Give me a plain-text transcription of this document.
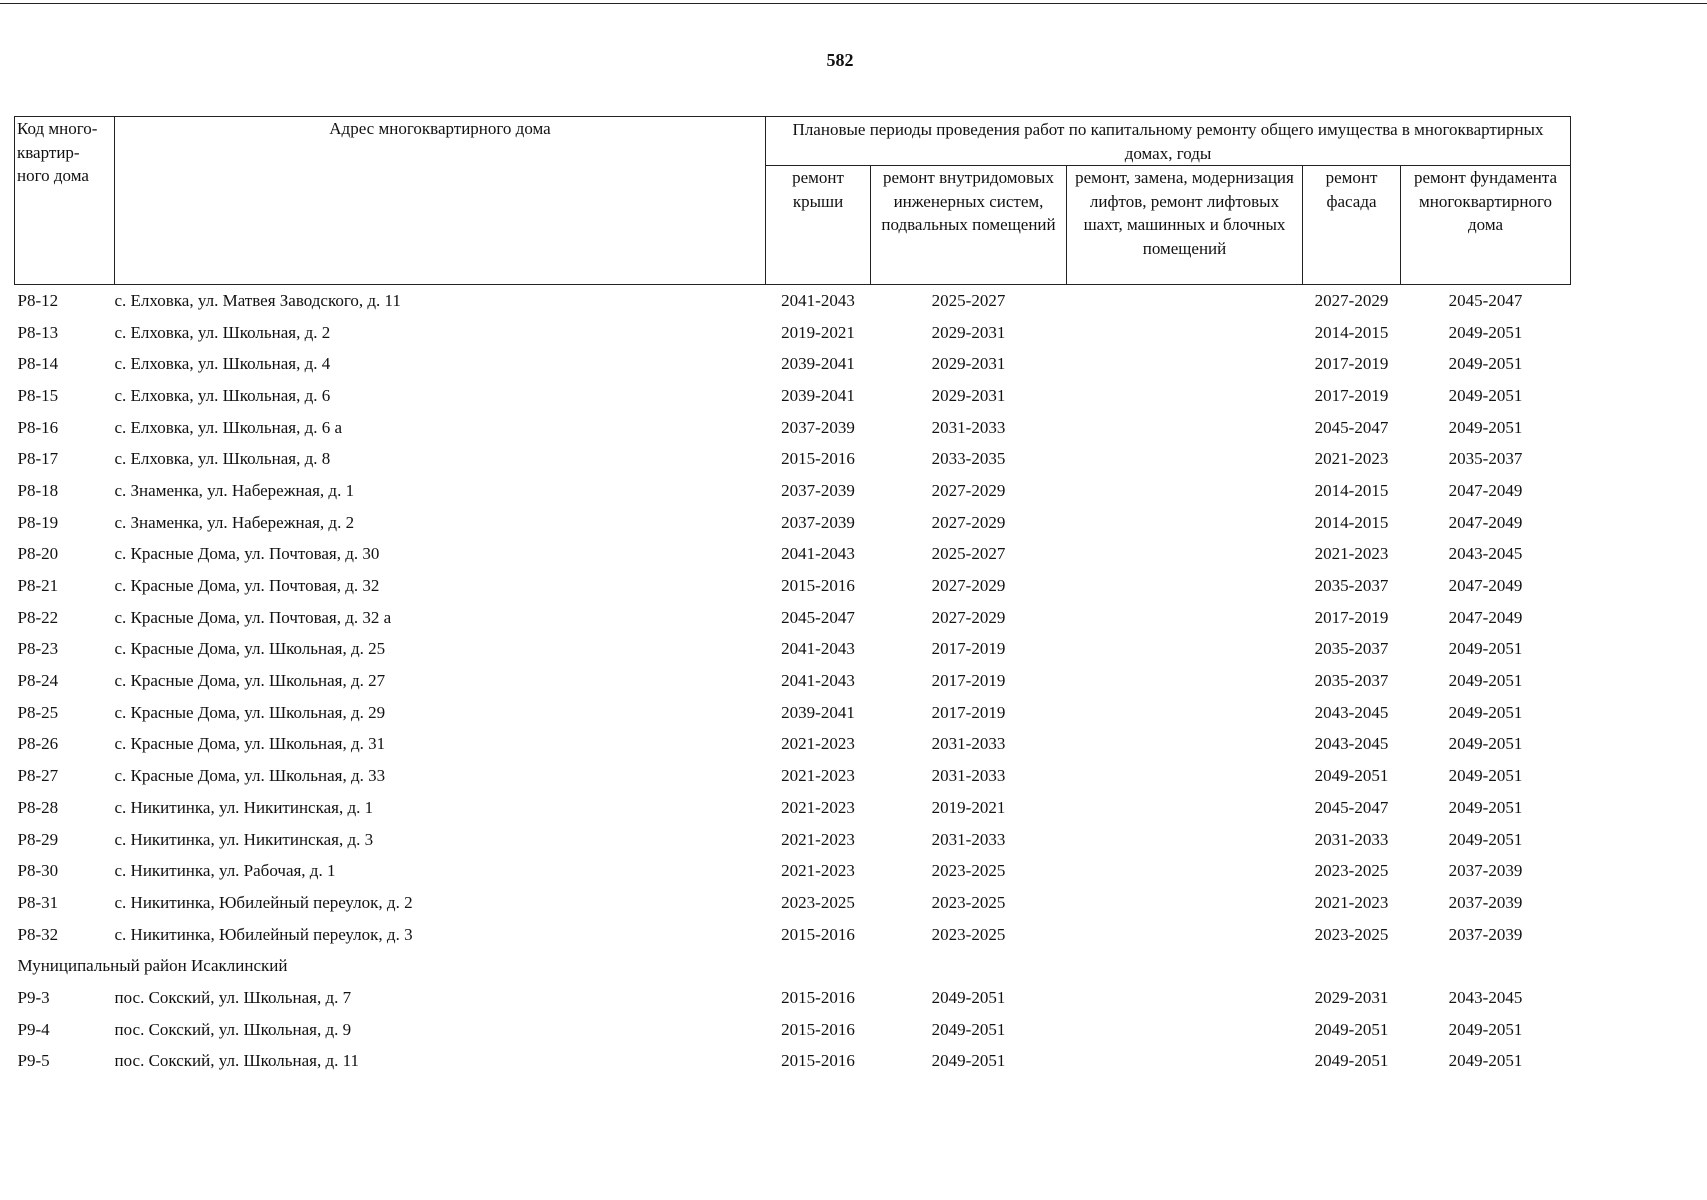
582
Код много-квартир-ного дома	Адрес многоквартирного дома	Плановые периоды проведения работ по капитальному ремонту общего имущества в многоквартирных домах, годы				
		ремонт крыши	ремонт внутридомовых инженерных систем, подвальных помещений	ремонт, замена, модернизация лифтов, ремонт лифтовых шахт, машинных и блочных помещений	ремонт фасада	ремонт фундамента многоквартирного дома
Р8-12	с. Елховка, ул. Матвея Заводского, д. 11	2041-2043	2025-2027		2027-2029	2045-2047
Р8-13	с. Елховка, ул. Школьная, д. 2	2019-2021	2029-2031		2014-2015	2049-2051
Р8-14	с. Елховка, ул. Школьная, д. 4	2039-2041	2029-2031		2017-2019	2049-2051
Р8-15	с. Елховка, ул. Школьная, д. 6	2039-2041	2029-2031		2017-2019	2049-2051
Р8-16	с. Елховка, ул. Школьная, д. 6 а	2037-2039	2031-2033		2045-2047	2049-2051
Р8-17	с. Елховка, ул. Школьная, д. 8	2015-2016	2033-2035		2021-2023	2035-2037
Р8-18	с. Знаменка, ул. Набережная, д. 1	2037-2039	2027-2029		2014-2015	2047-2049
Р8-19	с. Знаменка, ул. Набережная, д. 2	2037-2039	2027-2029		2014-2015	2047-2049
Р8-20	с. Красные Дома, ул. Почтовая, д. 30	2041-2043	2025-2027		2021-2023	2043-2045
Р8-21	с. Красные Дома, ул. Почтовая, д. 32	2015-2016	2027-2029		2035-2037	2047-2049
Р8-22	с. Красные Дома, ул. Почтовая, д. 32 а	2045-2047	2027-2029		2017-2019	2047-2049
Р8-23	с. Красные Дома, ул. Школьная, д. 25	2041-2043	2017-2019		2035-2037	2049-2051
Р8-24	с. Красные Дома, ул. Школьная, д. 27	2041-2043	2017-2019		2035-2037	2049-2051
Р8-25	с. Красные Дома, ул. Школьная, д. 29	2039-2041	2017-2019		2043-2045	2049-2051
Р8-26	с. Красные Дома, ул. Школьная, д. 31	2021-2023	2031-2033		2043-2045	2049-2051
Р8-27	с. Красные Дома, ул. Школьная, д. 33	2021-2023	2031-2033		2049-2051	2049-2051
Р8-28	с. Никитинка, ул. Никитинская, д. 1	2021-2023	2019-2021		2045-2047	2049-2051
Р8-29	с. Никитинка, ул. Никитинская, д. 3	2021-2023	2031-2033		2031-2033	2049-2051
Р8-30	с. Никитинка, ул. Рабочая, д. 1	2021-2023	2023-2025		2023-2025	2037-2039
Р8-31	с. Никитинка, Юбилейный переулок, д. 2	2023-2025	2023-2025		2021-2023	2037-2039
Р8-32	с. Никитинка, Юбилейный переулок, д. 3	2015-2016	2023-2025		2023-2025	2037-2039
Муниципальный район Исаклинский						
Р9-3	пос. Сокский, ул. Школьная, д. 7	2015-2016	2049-2051		2029-2031	2043-2045
Р9-4	пос. Сокский, ул. Школьная, д. 9	2015-2016	2049-2051		2049-2051	2049-2051
Р9-5	пос. Сокский, ул. Школьная, д. 11	2015-2016	2049-2051		2049-2051	2049-2051
